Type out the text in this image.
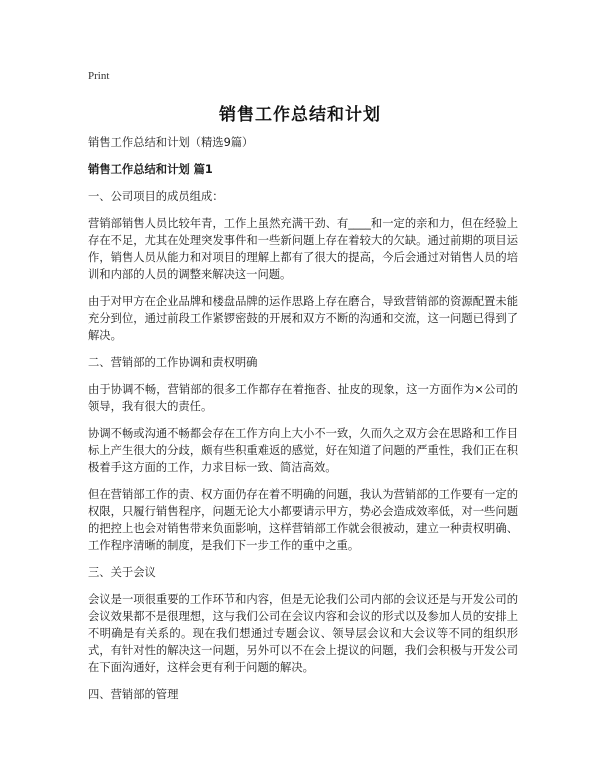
Print
销售工作总结和计划
销售工作总结和计划（精选9篇）
销售工作总结和计划 篇1
一、公司项目的成员组成：
营销部销售人员比较年青，工作上虽然充满干劲、有____和一定的亲和力，但在经验上存在不足，尤其在处理突发事件和一些新问题上存在着较大的欠缺。通过前期的项目运作，销售人员从能力和对项目的理解上都有了很大的提高，今后会通过对销售人员的培训和内部的人员的调整来解决这一问题。
由于对甲方在企业品牌和楼盘品牌的运作思路上存在磨合，导致营销部的资源配置未能充分到位，通过前段工作紧锣密鼓的开展和双方不断的沟通和交流，这一问题已得到了解决。
二、营销部的工作协调和责权明确
由于协调不畅，营销部的很多工作都存在着拖沓、扯皮的现象，这一方面作为×公司的领导，我有很大的责任。
协调不畅或沟通不畅都会存在工作方向上大小不一致，久而久之双方会在思路和工作目标上产生很大的分歧，颇有些积重难返的感觉，好在知道了问题的严重性，我们正在积极着手这方面的工作，力求目标一致、简洁高效。
但在营销部工作的责、权方面仍存在着不明确的问题，我认为营销部的工作要有一定的权限，只履行销售程序，问题无论大小都要请示甲方，势必会造成效率低，对一些问题的把控上也会对销售带来负面影响，这样营销部工作就会很被动，建立一种责权明确、工作程序清晰的制度，是我们下一步工作的重中之重。
三、关于会议
会议是一项很重要的工作环节和内容，但是无论我们公司内部的会议还是与开发公司的会议效果都不是很理想，这与我们公司在会议内容和会议的形式以及参加人员的安排上不明确是有关系的。现在我们想通过专题会议、领导层会议和大会议等不同的组织形式，有针对性的解决这一问题，另外可以不在会上提议的问题，我们会积极与开发公司在下面沟通好，这样会更有利于问题的解决。
四、营销部的管理
